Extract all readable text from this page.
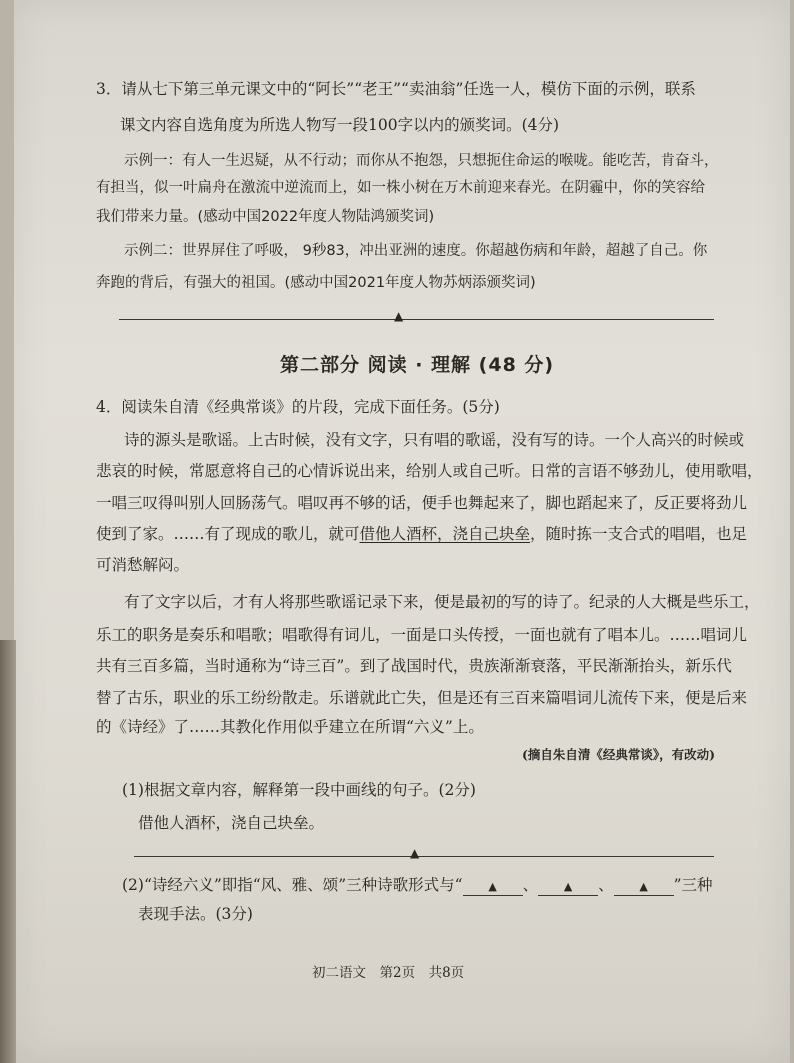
3．请从七下第三单元课文中的“阿长”“老王”“卖油翁”任选一人，模仿下面的示例，联系
课文内容自选角度为所选人物写一段100字以内的颁奖词。(4分)
示例一：有人一生迟疑，从不行动；而你从不抱怨，只想扼住命运的喉咙。能吃苦，肯奋斗，
有担当，似一叶扁舟在激流中逆流而上，如一株小树在万木前迎来春光。在阴霾中，你的笑容给
我们带来力量。(感动中国2022年度人物陆鸿颁奖词)
示例二：世界屏住了呼吸， 9秒83，冲出亚洲的速度。你超越伤病和年龄，超越了自己。你
奔跑的背后，有强大的祖国。(感动中国2021年度人物苏炳添颁奖词)
▲
第二部分 阅读 · 理解 (48 分)
4．阅读朱自清《经典常谈》的片段，完成下面任务。(5分)
诗的源头是歌谣。上古时候，没有文字，只有唱的歌谣，没有写的诗。一个人高兴的时候或
悲哀的时候，常愿意将自己的心情诉说出来，给别人或自己听。日常的言语不够劲儿，使用歌唱，
一唱三叹得叫别人回肠荡气。唱叹再不够的话，便手也舞起来了，脚也蹈起来了，反正要将劲儿
使到了家。……有了现成的歌儿，就可借他人酒杯，浇自己块垒，随时拣一支合式的唱唱，也足
可消愁解闷。
有了文字以后，才有人将那些歌谣记录下来，便是最初的写的诗了。纪录的人大概是些乐工，
乐工的职务是奏乐和唱歌；唱歌得有词儿，一面是口头传授，一面也就有了唱本儿。……唱词儿
共有三百多篇，当时通称为“诗三百”。到了战国时代，贵族渐渐衰落，平民渐渐抬头，新乐代
替了古乐，职业的乐工纷纷散走。乐谱就此亡失，但是还有三百来篇唱词儿流传下来，便是后来
的《诗经》了……其教化作用似乎建立在所谓“六义”上。
(摘自朱自清《经典常谈》，有改动)
(1)根据文章内容，解释第一段中画线的句子。(2分)
借他人酒杯，浇自己块垒。
▲
(2)“诗经六义”即指“风、雅、颂”三种诗歌形式与“ ▲ 、 ▲ 、 ▲ ”三种
表现手法。(3分)
初二语文　第2页　共8页
